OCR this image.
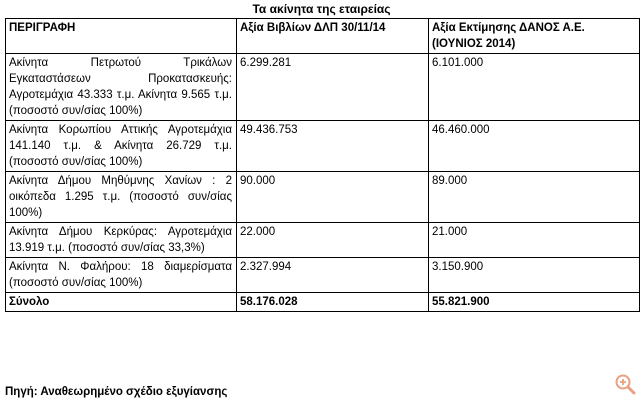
Τα ακίνητα της εταιρείας
ΠΕΡΙΓΡΑΦΗ	Αξία Βιβλίων ΔΛΠ 30/11/14	Αξία Εκτίμησης ΔΑΝΟΣ Α.Ε. (ΙΟΥΝΙΟΣ 2014)
Ακίνητα Πετρωτού Τρικάλων Εγκαταστάσεων Προκατασκευής: Αγροτεμάχια 43.333 τ.μ. Ακίνητα 9.565 τ.μ. (ποσοστό συν/σίας 100%)	6.299.281	6.101.000
Ακίνητα Κορωπίου Αττικής Αγροτεμάχια 141.140 τ.μ. & Ακίνητα 26.729 τ.μ. (ποσοστό συν/σίας 100%)	49.436.753	46.460.000
Ακίνητα Δήμου Μηθύμνης Χανίων : 2 οικόπεδα 1.295 τ.μ. (ποσοστό συν/σίας 100%)	90.000	89.000
Ακίνητα Δήμου Κερκύρας: Αγροτεμάχια 13.919 τ.μ. (ποσοστό συν/σίας 33,3%)	22.000	21.000
Ακίνητα Ν. Φαλήρου: 18 διαμερίσματα (ποσοστό συν/σίας 100%)	2.327.994	3.150.900
Σύνολο	58.176.028	55.821.900
Πηγή: Αναθεωρημένο σχέδιο εξυγίανσης
